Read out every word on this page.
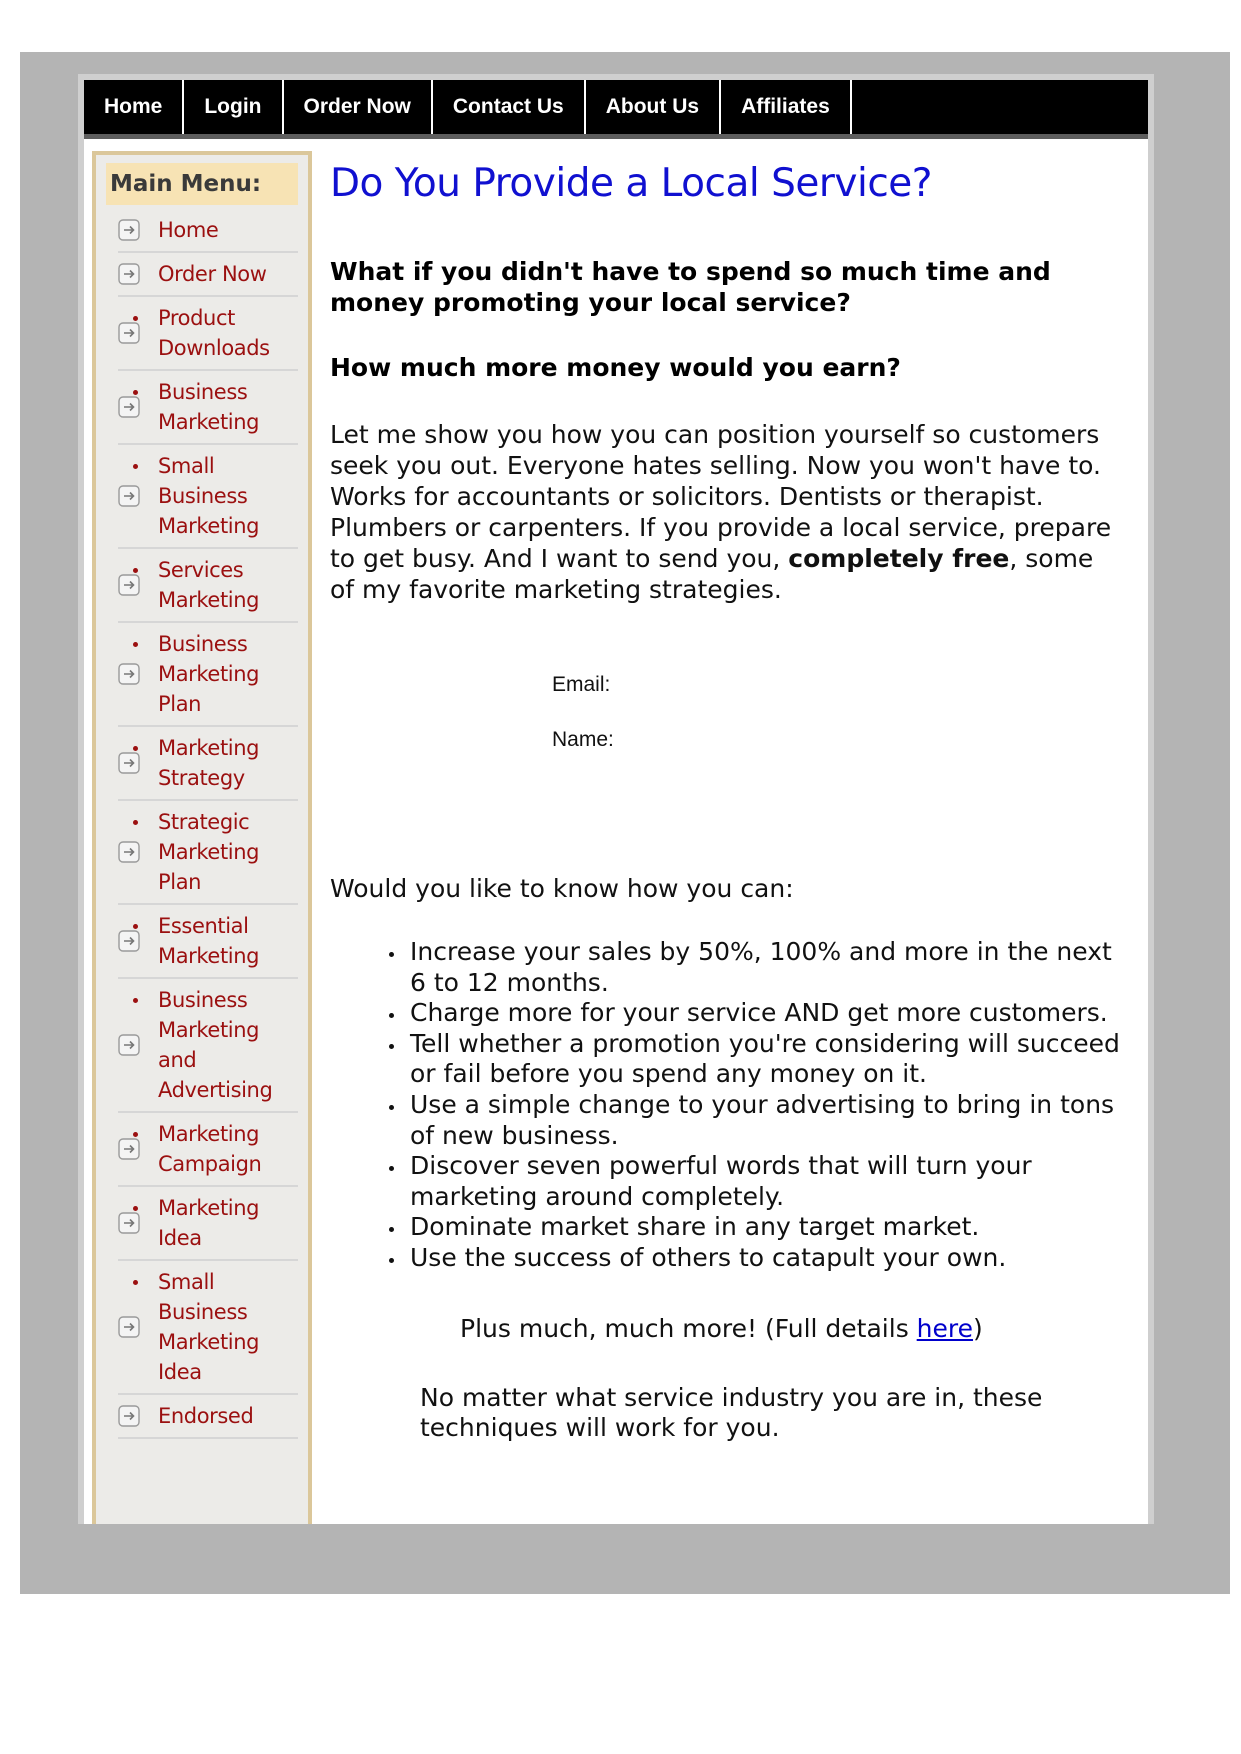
Home	Login	Order Now	Contact Us	About Us	Affiliates
Main Menu:
Home
Order Now
Product
Downloads
Business
Marketing
Small
Business
Marketing
Services
Marketing
Business
Marketing
Plan
Marketing
Strategy
Strategic
Marketing
Plan
Essential
Marketing
Business
Marketing
and
Advertising
Marketing
Campaign
Marketing
Idea
Small
Business
Marketing
Idea
Endorsed
Do You Provide a Local Service?
What if you didn't have to spend so much time and money promoting your local service?
How much more money would you earn?

Let me show you how you can position yourself so customers seek you out. Everyone hates selling. Now you won't have to. Works for accountants or solicitors. Dentists or therapist. Plumbers or carpenters. If you provide a local service, prepare to get busy. And I want to send you, completely free, some of my favorite marketing strategies.

Email:
Name:

Would you like to know how you can:

Increase your sales by 50%, 100% and more in the next 6 to 12 months.
Charge more for your service AND get more customers.
Tell whether a promotion you're considering will succeed or fail before you spend any money on it.
Use a simple change to your advertising to bring in tons of new business.
Discover seven powerful words that will turn your marketing around completely.
Dominate market share in any target market.
Use the success of others to catapult your own.

Plus much, much more! (Full details here)

No matter what service industry you are in, these techniques will work for you.
